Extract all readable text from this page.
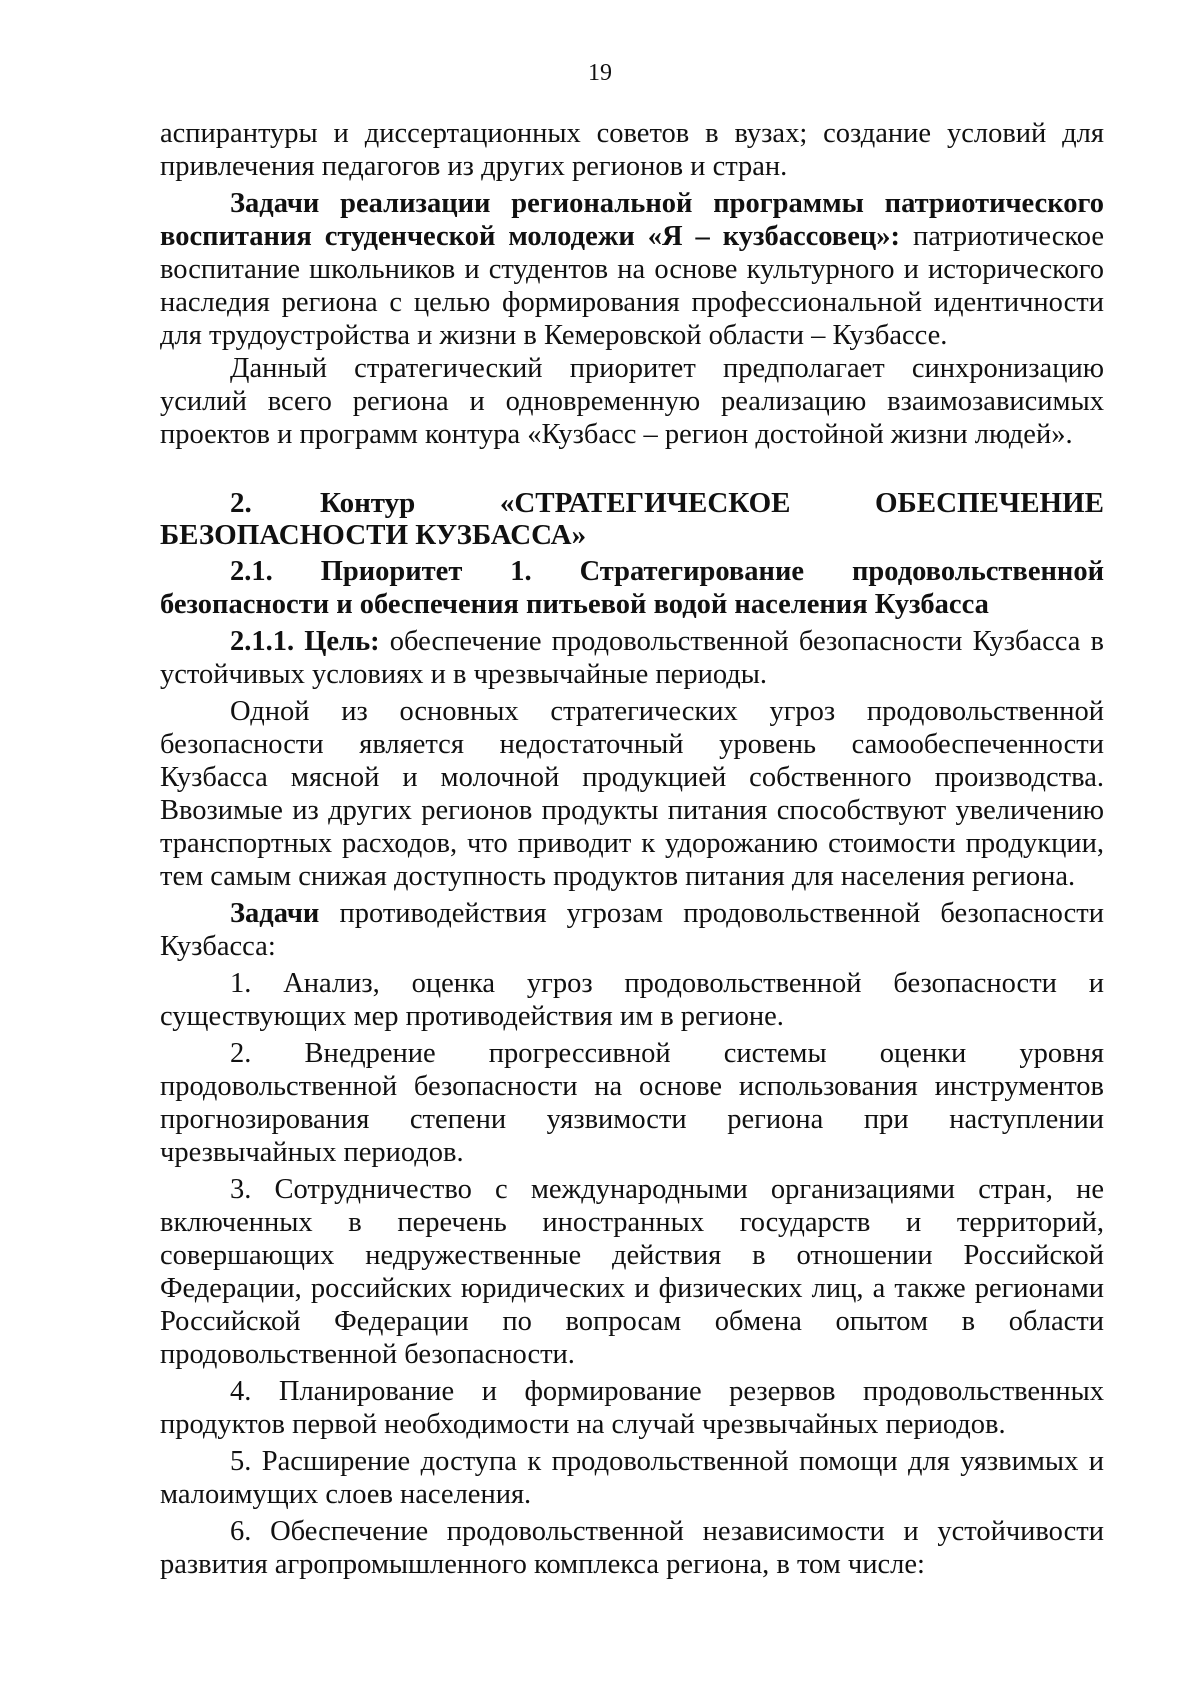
19

аспирантуры и диссертационных советов в вузах; создание условий для привлечения педагогов из других регионов и стран.

Задачи реализации региональной программы патриотического воспитания студенческой молодежи «Я – кузбассовец»: патриотическое воспитание школьников и студентов на основе культурного и исторического наследия региона с целью формирования профессиональной идентичности для трудоустройства и жизни в Кемеровской области – Кузбассе.

Данный стратегический приоритет предполагает синхронизацию усилий всего региона и одновременную реализацию взаимозависимых проектов и программ контура «Кузбасс – регион достойной жизни людей».

2. Контур «СТРАТЕГИЧЕСКОЕ ОБЕСПЕЧЕНИЕ БЕЗОПАСНОСТИ КУЗБАССА»

2.1. Приоритет 1. Стратегирование продовольственной безопасности и обеспечения питьевой водой населения Кузбасса

2.1.1. Цель: обеспечение продовольственной безопасности Кузбасса в устойчивых условиях и в чрезвычайные периоды.

Одной из основных стратегических угроз продовольственной безопасности является недостаточный уровень самообеспеченности Кузбасса мясной и молочной продукцией собственного производства. Ввозимые из других регионов продукты питания способствуют увеличению транспортных расходов, что приводит к удорожанию стоимости продукции, тем самым снижая доступность продуктов питания для населения региона.

Задачи противодействия угрозам продовольственной безопасности Кузбасса:

1. Анализ, оценка угроз продовольственной безопасности и существующих мер противодействия им в регионе.

2. Внедрение прогрессивной системы оценки уровня продовольственной безопасности на основе использования инструментов прогнозирования степени уязвимости региона при наступлении чрезвычайных периодов.

3. Сотрудничество с международными организациями стран, не включенных в перечень иностранных государств и территорий, совершающих недружественные действия в отношении Российской Федерации, российских юридических и физических лиц, а также регионами Российской Федерации по вопросам обмена опытом в области продовольственной безопасности.

4. Планирование и формирование резервов продовольственных продуктов первой необходимости на случай чрезвычайных периодов.

5. Расширение доступа к продовольственной помощи для уязвимых и малоимущих слоев населения.

6. Обеспечение продовольственной независимости и устойчивости развития агропромышленного комплекса региона, в том числе:
